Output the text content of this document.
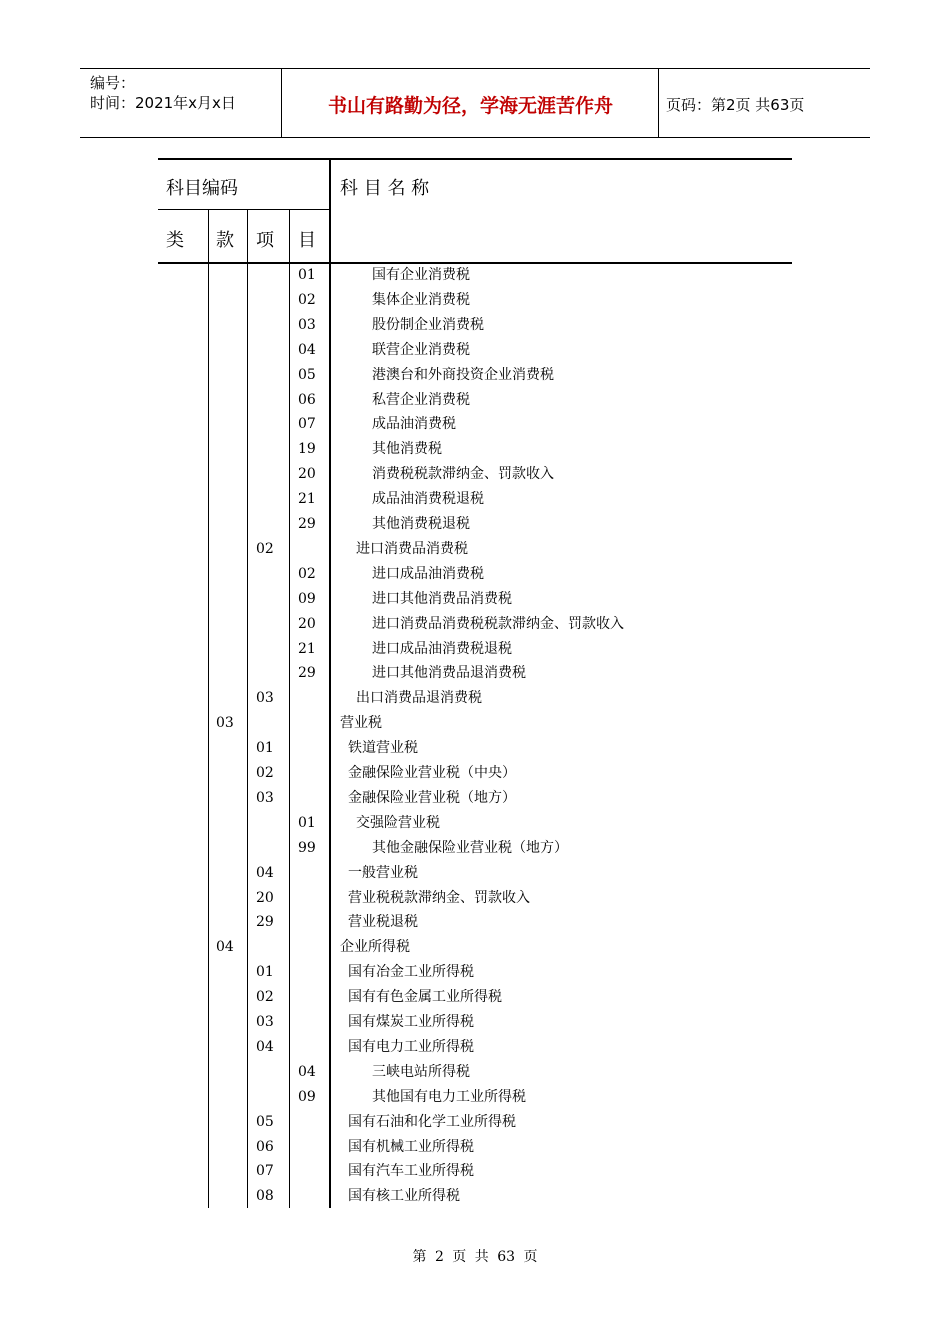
编号：
时间：2021年x月x日	书山有路勤为径，学海无涯苦作舟	页码：第2页 共63页
科目编码	科 目 名 称
类 款 项 目
01	国有企业消费税
02	集体企业消费税
03	股份制企业消费税
04	联营企业消费税
05	港澳台和外商投资企业消费税
06	私营企业消费税
07	成品油消费税
19	其他消费税
20	消费税税款滞纳金、罚款收入
21	成品油消费税退税
29	其他消费税退税
02	进口消费品消费税
02	进口成品油消费税
09	进口其他消费品消费税
20	进口消费品消费税税款滞纳金、罚款收入
21	进口成品油消费税退税
29	进口其他消费品退消费税
03	出口消费品退消费税
03	营业税
01	铁道营业税
02	金融保险业营业税（中央）
03	金融保险业营业税（地方）
01	交强险营业税
99	其他金融保险业营业税（地方）
04	一般营业税
20	营业税税款滞纳金、罚款收入
29	营业税退税
04	企业所得税
01	国有冶金工业所得税
02	国有有色金属工业所得税
03	国有煤炭工业所得税
04	国有电力工业所得税
04	三峡电站所得税
09	其他国有电力工业所得税
05	国有石油和化学工业所得税
06	国有机械工业所得税
07	国有汽车工业所得税
08	国有核工业所得税
第 2 页 共 63 页
